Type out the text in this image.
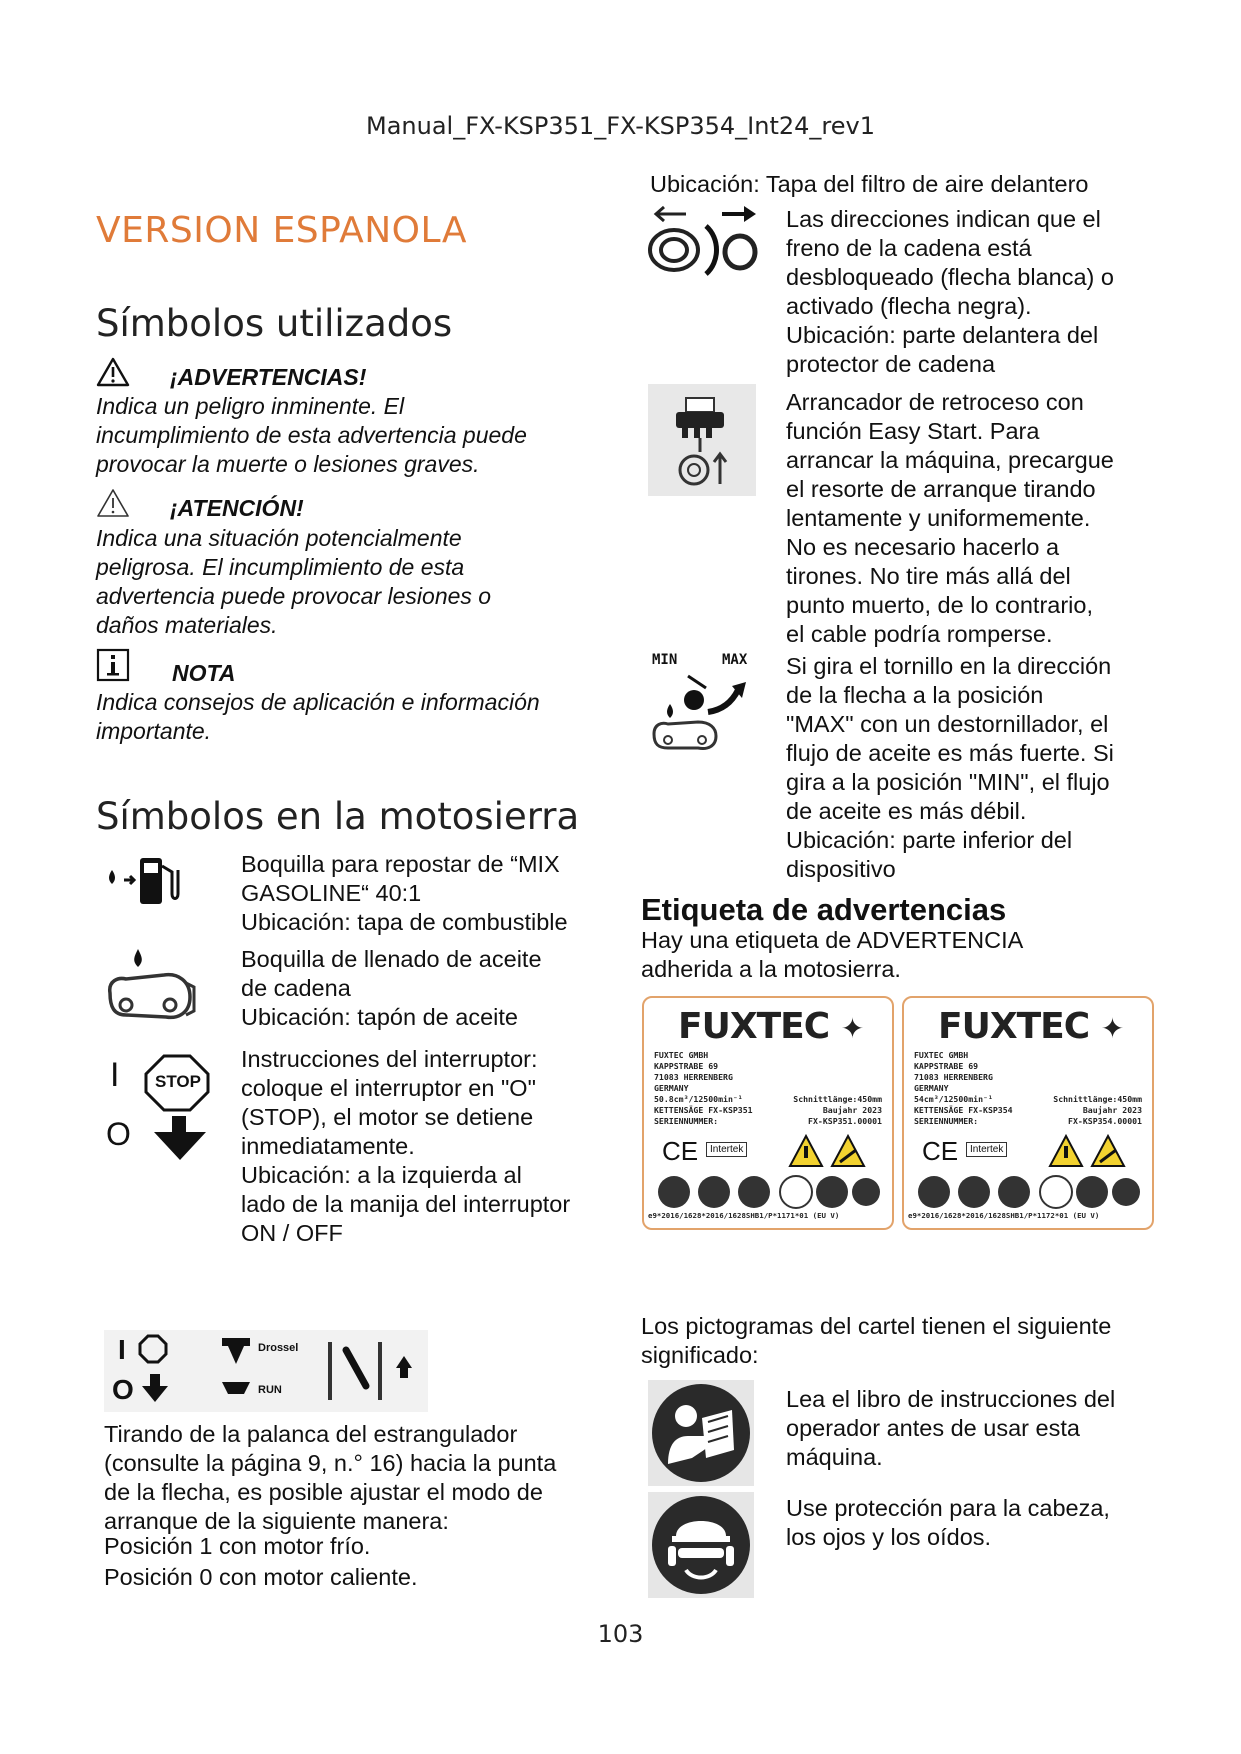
Manual_FX-KSP351_FX-KSP354_Int24_rev1
VERSION ESPANOLA
Símbolos utilizados
¡ADVERTENCIAS!
Indica un peligro inminente. El
incumplimiento de esta advertencia puede
provocar la muerte o lesiones graves.
¡ATENCIÓN!
Indica una situación potencialmente
peligrosa. El incumplimiento de esta
advertencia puede provocar lesiones o
daños materiales.
NOTA
Indica consejos de aplicación e información
importante.
Símbolos en la motosierra

Boquilla para repostar de “MIX

GASOLINE“ 40:1

Ubicación: tapa de combustible

Boquilla de llenado de aceite

de cadena

Ubicación: tapón de aceite

I STOP
O

Instrucciones del interruptor:

coloque el interruptor en "O"

(STOP), el motor se detiene

inmediatamente.

Ubicación: a la izquierda al

lado de la manija del interruptor

ON / OFF

I
O
Drossel
RUN

Tirando de la palanca del estrangulador

(consulte la página 9, n.° 16) hacia la punta

de la flecha, es posible ajustar el modo de

arranque de la siguiente manera:

Posición 1 con motor frío.

Posición 0 con motor caliente.

Ubicación: Tapa del filtro de aire delantero

Las direcciones indican que el

freno de la cadena está

desbloqueado (flecha blanca) o

activado (flecha negra).

Ubicación: parte delantera del

protector de cadena

Arrancador de retroceso con

función Easy Start. Para

arrancar la máquina, precargue

el resorte de arranque tirando

lentamente y uniformemente.

No es necesario hacerlo a

tirones. No tire más allá del

punto muerto, de lo contrario,

el cable podría romperse.

MIN	MAX Si gira el tornillo en la dirección

de la flecha a la posición

"MAX" con un destornillador, el

flujo de aceite es más fuerte. Si

gira a la posición "MIN", el flujo

de aceite es más débil.

Ubicación: parte inferior del

dispositivo

Etiqueta de advertencias

Hay una etiqueta de ADVERTENCIA

adherida a la motosierra.

FUXTEC ✦
FUXTEC GMBH
KAPPSTRABE 69
71083 HERRENBERG
GERMANY
50.8cm³/12500min⁻¹	Schnittlänge:450mm
KETTENSÄGE FX-KSP351	Baujahr 2023
SERIENNUMMER:	FX-KSP351.00001
CE	Intertek
e9*2016/1628*2016/1628SHB1/P*1171*01 (EU V)
FUXTEC ✦
FUXTEC GMBH
KAPPSTRABE 69
71083 HERRENBERG
GERMANY
54cm³/12500min⁻¹	Schnittlänge:450mm
KETTENSÄGE FX-KSP354	Baujahr 2023
SERIENNUMMER:	FX-KSP354.00001
CE	Intertek
e9*2016/1628*2016/1628SHB1/P*1172*01 (EU V)

Los pictogramas del cartel tienen el siguiente

significado:

Lea el libro de instrucciones del

operador antes de usar esta

máquina.

Use protección para la cabeza,

los ojos y los oídos.

103
